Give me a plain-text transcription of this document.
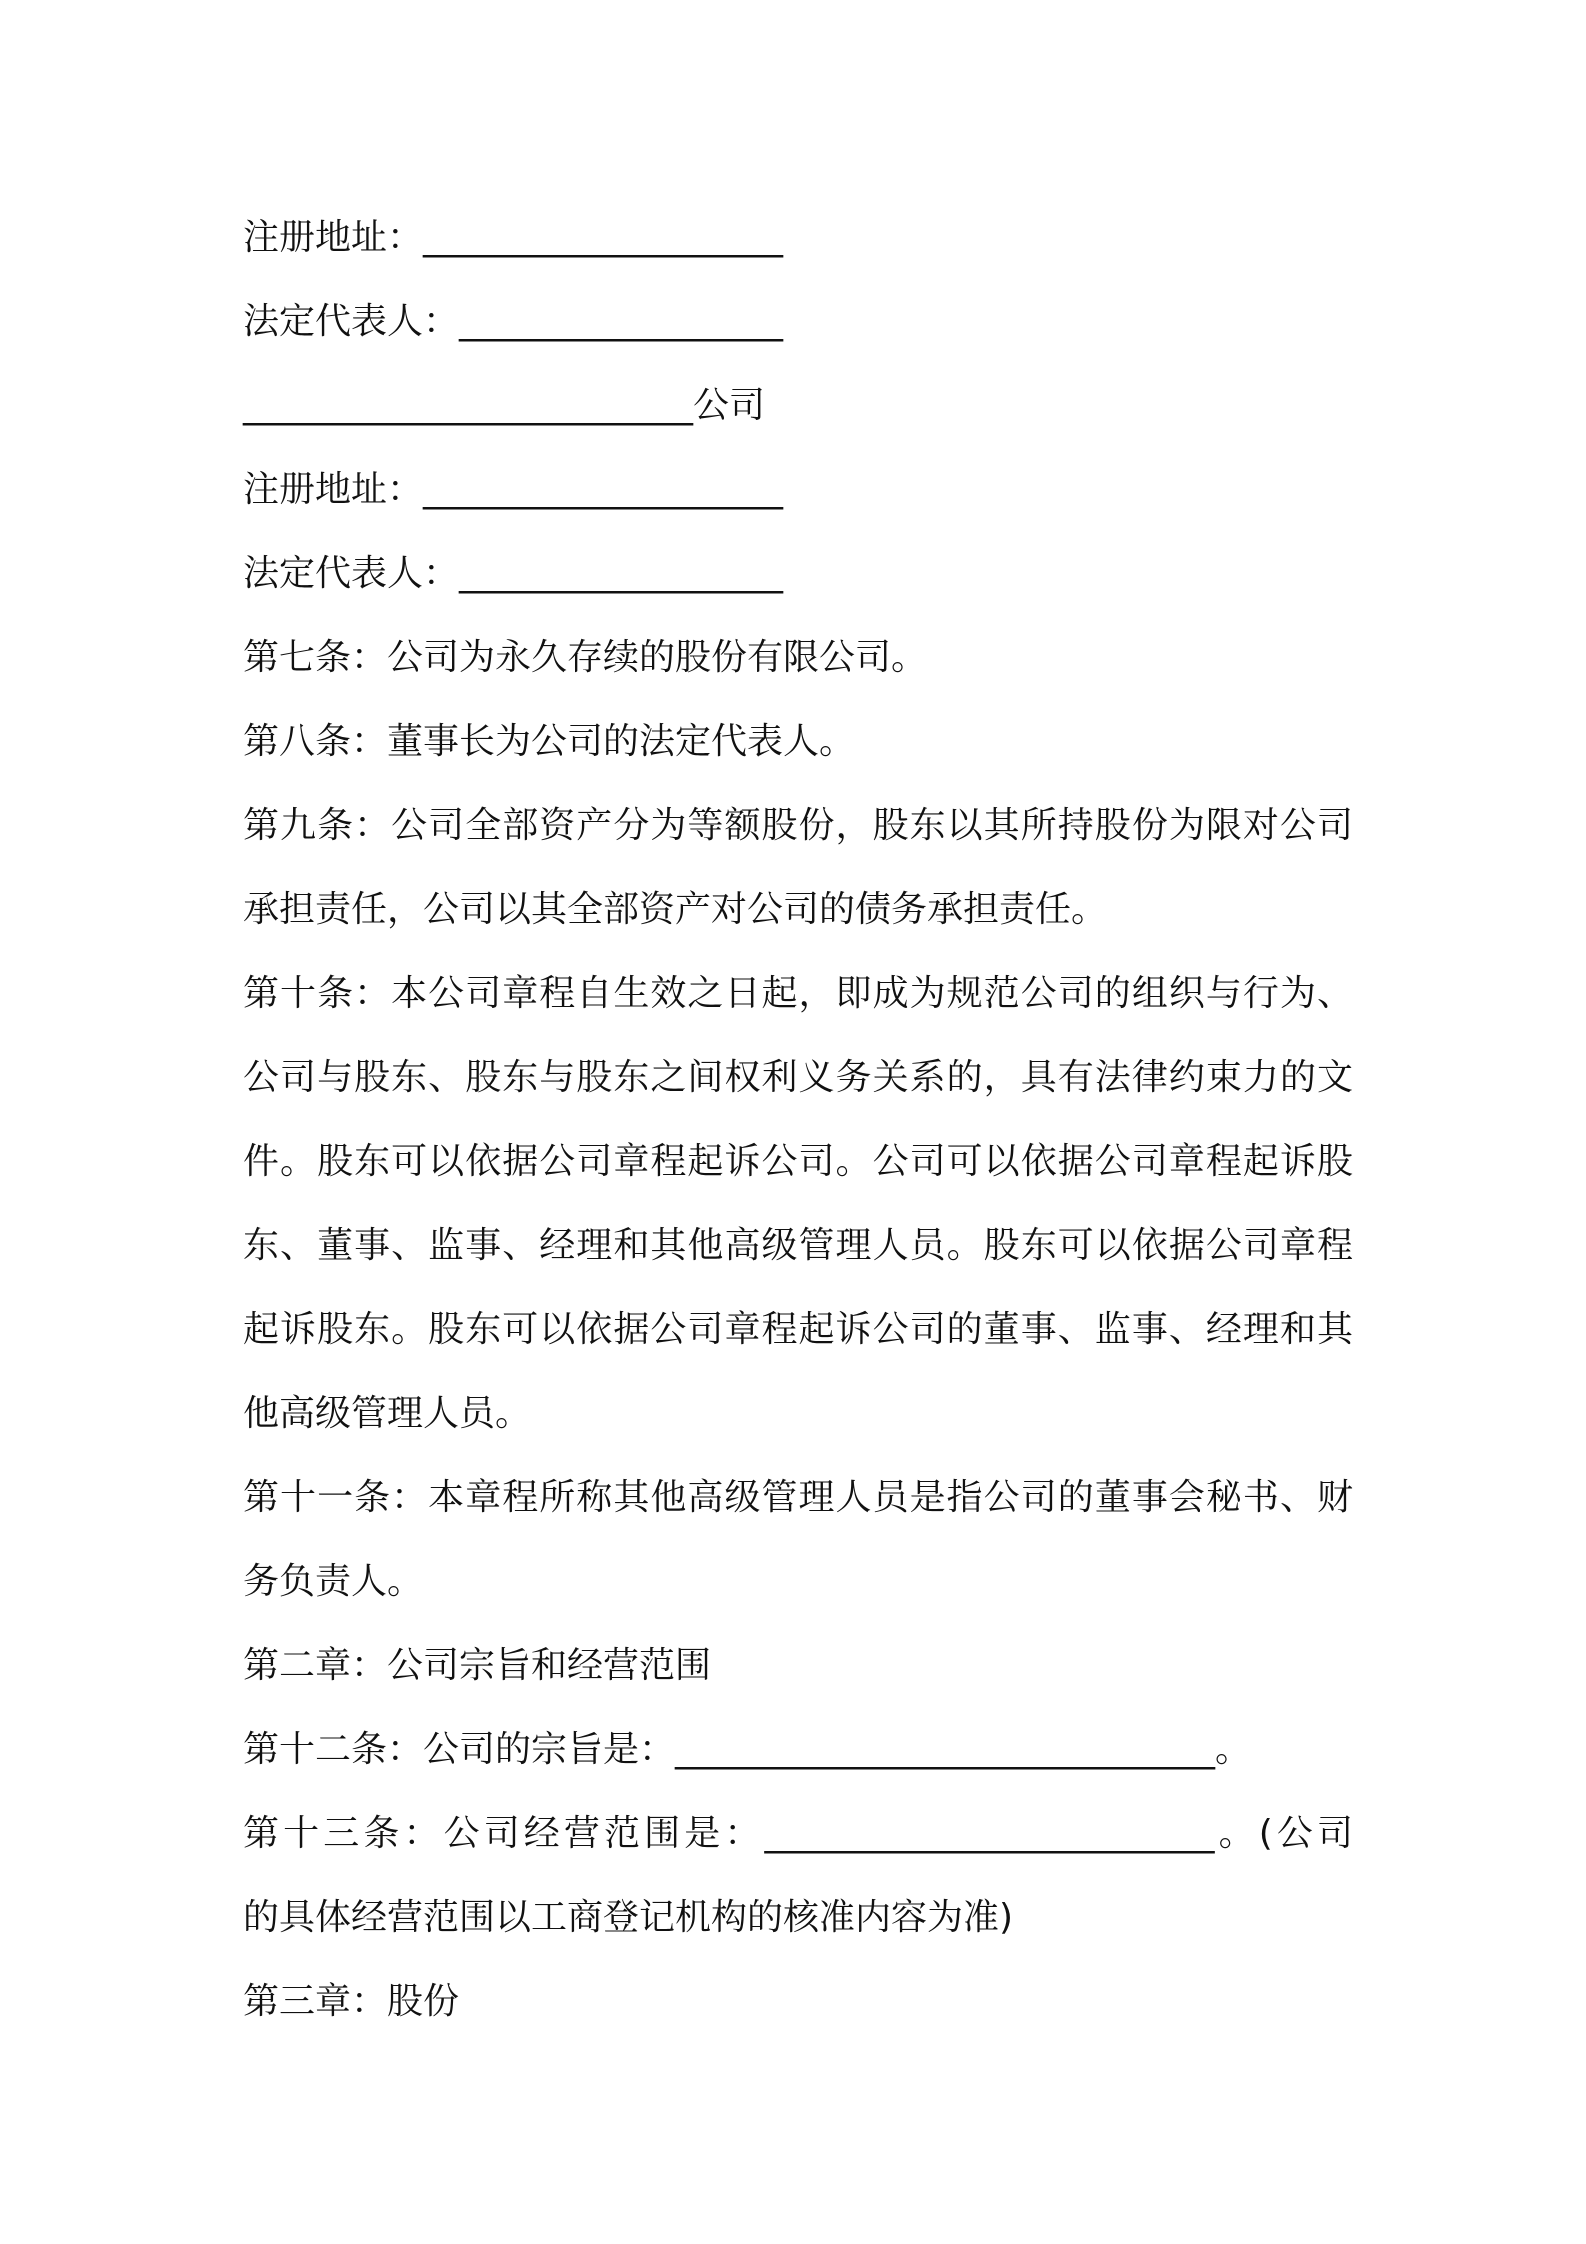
注册地址：____________________
法定代表人：__________________
_________________________公司
注册地址：____________________
法定代表人：__________________
第七条：公司为永久存续的股份有限公司。
第八条：董事长为公司的法定代表人。
第九条：公司全部资产分为等额股份，股东以其所持股份为限对公司
承担责任，公司以其全部资产对公司的债务承担责任。
第十条：本公司章程自生效之日起，即成为规范公司的组织与行为、
公司与股东、股东与股东之间权利义务关系的，具有法律约束力的文
件。股东可以依据公司章程起诉公司。公司可以依据公司章程起诉股
东、董事、监事、经理和其他高级管理人员。股东可以依据公司章程
起诉股东。股东可以依据公司章程起诉公司的董事、监事、经理和其
他高级管理人员。
第十一条：本章程所称其他高级管理人员是指公司的董事会秘书、财
务负责人。
第二章：公司宗旨和经营范围
第十二条：公司的宗旨是：______________________________。
第十三条：公司经营范围是：_________________________。(公司
的具体经营范围以工商登记机构的核准内容为准)
第三章：股份
